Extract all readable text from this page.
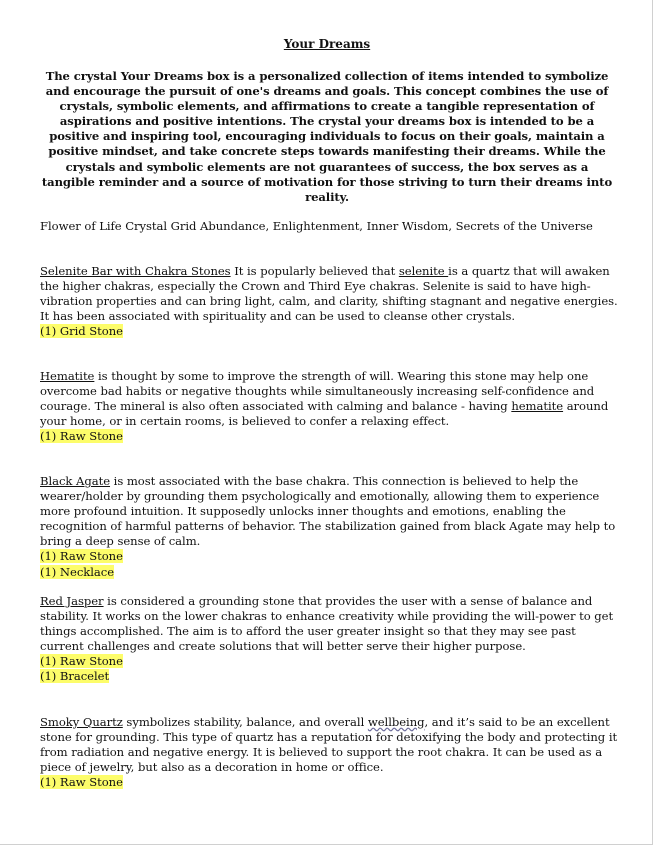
Your Dreams
The crystal Your Dreams box is a personalized collection of items intended to symbolize and encourage the pursuit of one's dreams and goals. This concept combines the use of crystals, symbolic elements, and affirmations to create a tangible representation of aspirations and positive intentions. The crystal your dreams box is intended to be a positive and inspiring tool, encouraging individuals to focus on their goals, maintain a positive mindset, and take concrete steps towards manifesting their dreams. While the crystals and symbolic elements are not guarantees of success, the box serves as a tangible reminder and a source of motivation for those striving to turn their dreams into reality.
Flower of Life Crystal Grid Abundance, Enlightenment, Inner Wisdom, Secrets of the Universe
Selenite Bar with Chakra Stones It is popularly believed that selenite is a quartz that will awaken the higher chakras, especially the Crown and Third Eye chakras. Selenite is said to have high-vibration properties and can bring light, calm, and clarity, shifting stagnant and negative energies. It has been associated with spirituality and can be used to cleanse other crystals.
(1) Grid Stone
Hematite is thought by some to improve the strength of will. Wearing this stone may help one overcome bad habits or negative thoughts while simultaneously increasing self-confidence and courage. The mineral is also often associated with calming and balance - having hematite around your home, or in certain rooms, is believed to confer a relaxing effect.
(1) Raw Stone
Black Agate is most associated with the base chakra. This connection is believed to help the wearer/holder by grounding them psychologically and emotionally, allowing them to experience more profound intuition. It supposedly unlocks inner thoughts and emotions, enabling the recognition of harmful patterns of behavior. The stabilization gained from black Agate may help to bring a deep sense of calm.
(1) Raw Stone
(1) Necklace
Red Jasper is considered a grounding stone that provides the user with a sense of balance and stability. It works on the lower chakras to enhance creativity while providing the will-power to get things accomplished. The aim is to afford the user greater insight so that they may see past current challenges and create solutions that will better serve their higher purpose.
(1) Raw Stone
(1) Bracelet
Smoky Quartz symbolizes stability, balance, and overall wellbeing, and it’s said to be an excellent stone for grounding. This type of quartz has a reputation for detoxifying the body and protecting it from radiation and negative energy. It is believed to support the root chakra. It can be used as a piece of jewelry, but also as a decoration in home or office.
(1) Raw Stone
